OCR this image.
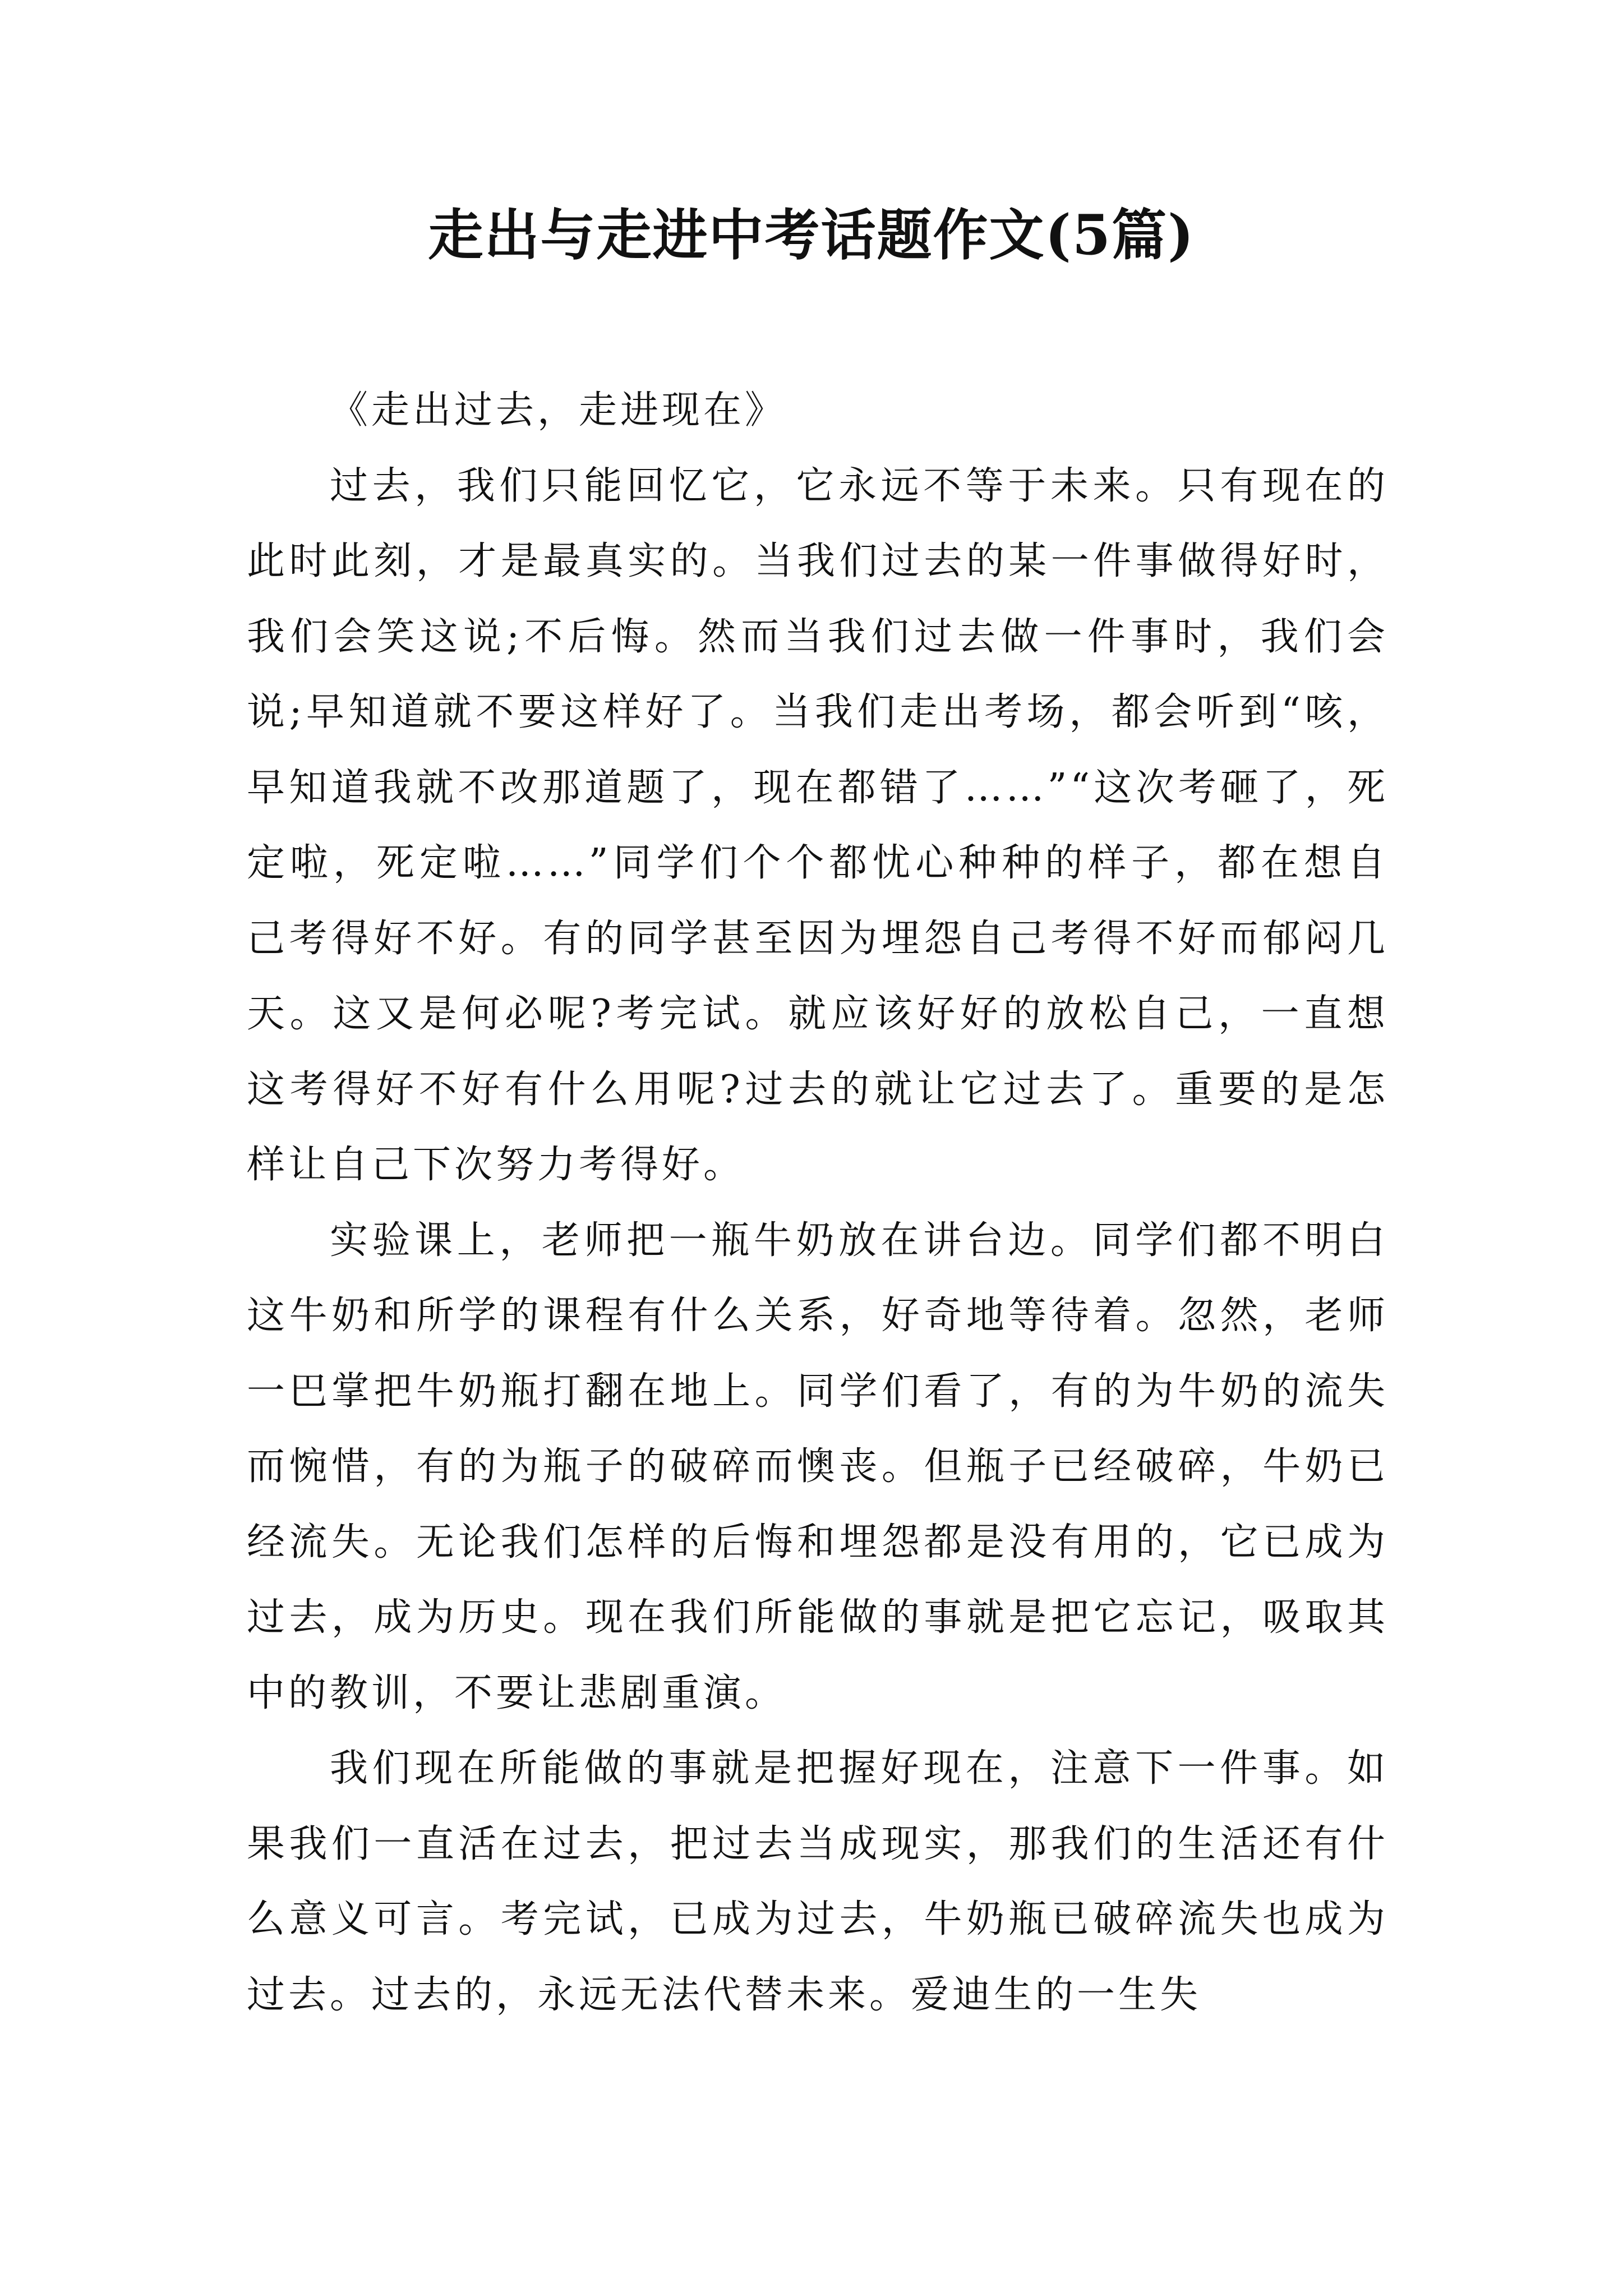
走出与走进中考话题作文(5篇)

《走出过去，走进现在》

过去，我们只能回忆它，它永远不等于未来。只有现在的此时此刻，才是最真实的。当我们过去的某一件事做得好时，我们会笑这说;不后悔。然而当我们过去做一件事时，我们会说;早知道就不要这样好了。当我们走出考场，都会听到“咳，早知道我就不改那道题了，现在都错了……”“这次考砸了，死定啦，死定啦……”同学们个个都忧心种种的样子，都在想自己考得好不好。有的同学甚至因为埋怨自己考得不好而郁闷几天。这又是何必呢?考完试。就应该好好的放松自己，一直想这考得好不好有什么用呢?过去的就让它过去了。重要的是怎样让自己下次努力考得好。

实验课上，老师把一瓶牛奶放在讲台边。同学们都不明白这牛奶和所学的课程有什么关系，好奇地等待着。忽然，老师一巴掌把牛奶瓶打翻在地上。同学们看了，有的为牛奶的流失而惋惜，有的为瓶子的破碎而懊丧。但瓶子已经破碎，牛奶已经流失。无论我们怎样的后悔和埋怨都是没有用的，它已成为过去，成为历史。现在我们所能做的事就是把它忘记，吸取其中的教训，不要让悲剧重演。

我们现在所能做的事就是把握好现在，注意下一件事。如果我们一直活在过去，把过去当成现实，那我们的生活还有什么意义可言。考完试，已成为过去，牛奶瓶已破碎流失也成为过去。过去的，永远无法代替未来。爱迪生的一生失
